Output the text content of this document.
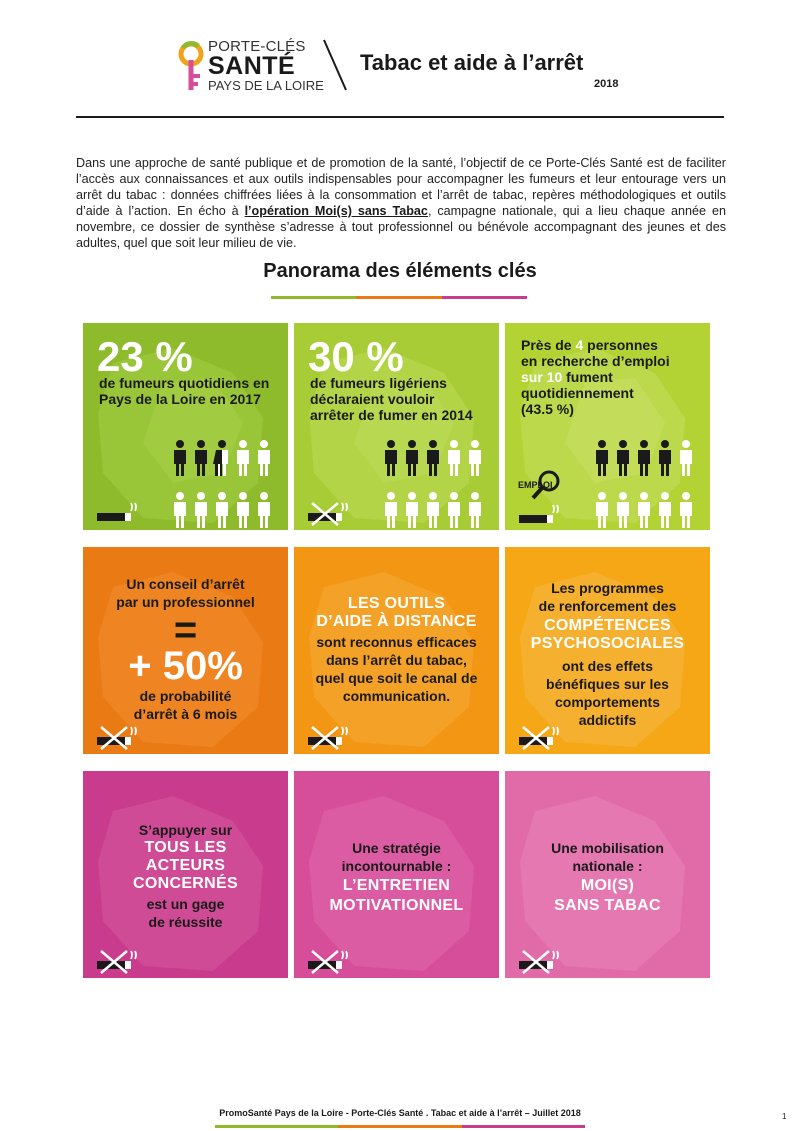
PORTE-CLÉS
SANTÉ
PAYS DE LA LOIRE
Tabac et aide à l’arrêt
2018
Dans une approche de santé publique et de promotion de la santé, l’objectif de ce Porte-Clés Santé est de faciliter l’accès aux connaissances et aux outils indispensables pour accompagner les fumeurs et leur entourage vers un arrêt du tabac : données chiffrées liées à la consommation et l’arrêt de tabac, repères méthodologiques et outils d’aide à l’action. En écho à l’opération Moi(s) sans Tabac, campagne nationale, qui a lieu chaque année en novembre, ce dossier de synthèse s’adresse à tout professionnel ou bénévole accompagnant des jeunes et des adultes, quel que soit leur milieu de vie.
Panorama des éléments clés
23 %
de fumeurs quotidiens en
Pays de la Loire en 2017
30 %
de fumeurs ligériens
déclaraient vouloir
arrêter de fumer en 2014
Près de 4 personnes
en recherche d’emploi
sur 10 fument
quotidiennement
(43.5 %)
EMPLOI
Un conseil d’arrêt
par un professionnel
=
+ 50%
de probabilité
d’arrêt à 6 mois
LES OUTILS
D’AIDE À DISTANCE
sont reconnus efficaces
dans l’arrêt du tabac,
quel que soit le canal de
communication.
Les programmes
de renforcement des
COMPÉTENCES
PSYCHOSOCIALES
ont des effets
bénéfiques sur les
comportements
addictifs
S’appuyer sur
TOUS LES
ACTEURS
CONCERNÉS
est un gage
de réussite
Une stratégie
incontournable :
L’ENTRETIEN
MOTIVATIONNEL
Une mobilisation
nationale :
MOI(S)
SANS TABAC
PromoSanté Pays de la Loire - Porte-Clés Santé . Tabac et aide à l’arrêt – Juillet 2018	1
